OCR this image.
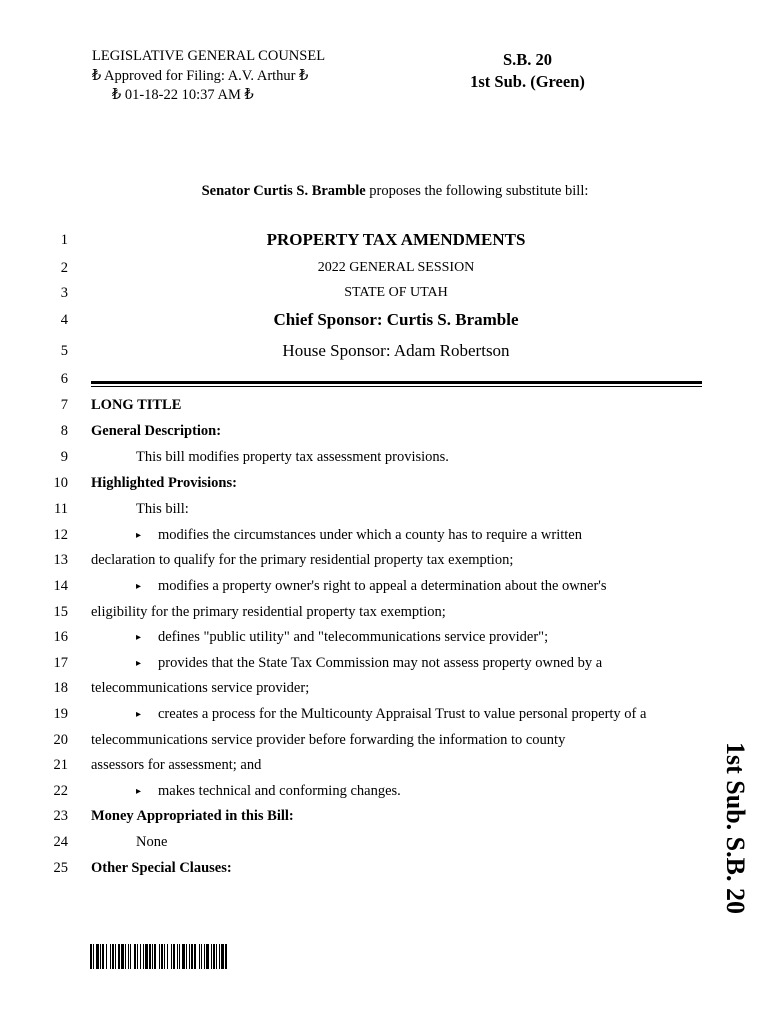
LEGISLATIVE GENERAL COUNSEL
₺ Approved for Filing: A.V. Arthur ₺
₺ 01-18-22 10:37 AM ₺
S.B. 20
1st Sub. (Green)
Senator Curtis S. Bramble proposes the following substitute bill:
1	PROPERTY TAX AMENDMENTS
2	2022 GENERAL SESSION
3	STATE OF UTAH
4	Chief Sponsor: Curtis S. Bramble
5	House Sponsor: Adam Robertson
6
7 LONG TITLE
8 General Description:
9	This bill modifies property tax assessment provisions.
10 Highlighted Provisions:
11	This bill:
12	▸ modifies the circumstances under which a county has to require a written
13 declaration to qualify for the primary residential property tax exemption;
14	▸ modifies a property owner's right to appeal a determination about the owner's
15 eligibility for the primary residential property tax exemption;
16	▸ defines "public utility" and "telecommunications service provider";
17	▸ provides that the State Tax Commission may not assess property owned by a
18 telecommunications service provider;
19	▸ creates a process for the Multicounty Appraisal Trust to value personal property of a
20 telecommunications service provider before forwarding the information to county
21 assessors for assessment; and
22	▸ makes technical and conforming changes.
23 Money Appropriated in this Bill:
24	None
25 Other Special Clauses:	1st Sub. S.B. 20
